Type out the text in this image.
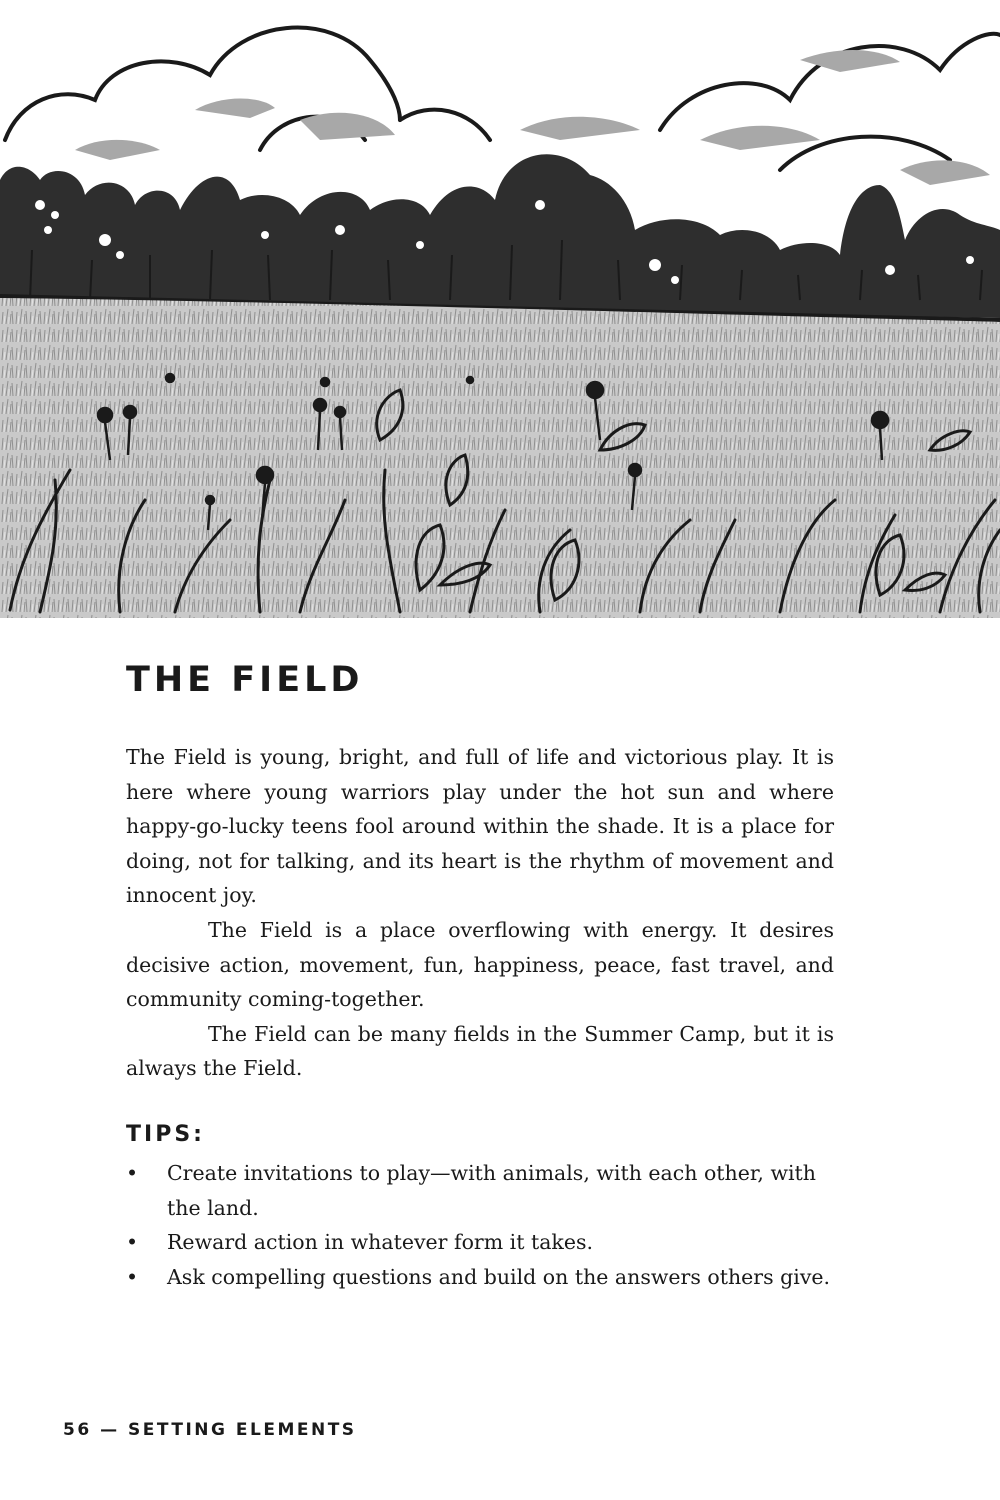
THE FIELD

The Field is young, bright, and full of life and victorious play. It is here where young warriors play under the hot sun and where happy-go-lucky teens fool around within the shade. It is a place for doing, not for talking, and its heart is the rhythm of movement and innocent joy.

The Field is a place overflowing with energy. It desires decisive action, movement, fun, happiness, peace, fast travel, and community coming-together.

The Field can be many fields in the Summer Camp, but it is always the Field.

TIPS:
• Create invitations to play—with animals, with each other, with the land.
• Reward action in whatever form it takes.
• Ask compelling questions and build on the answers others give.
56 — SETTING ELEMENTS
